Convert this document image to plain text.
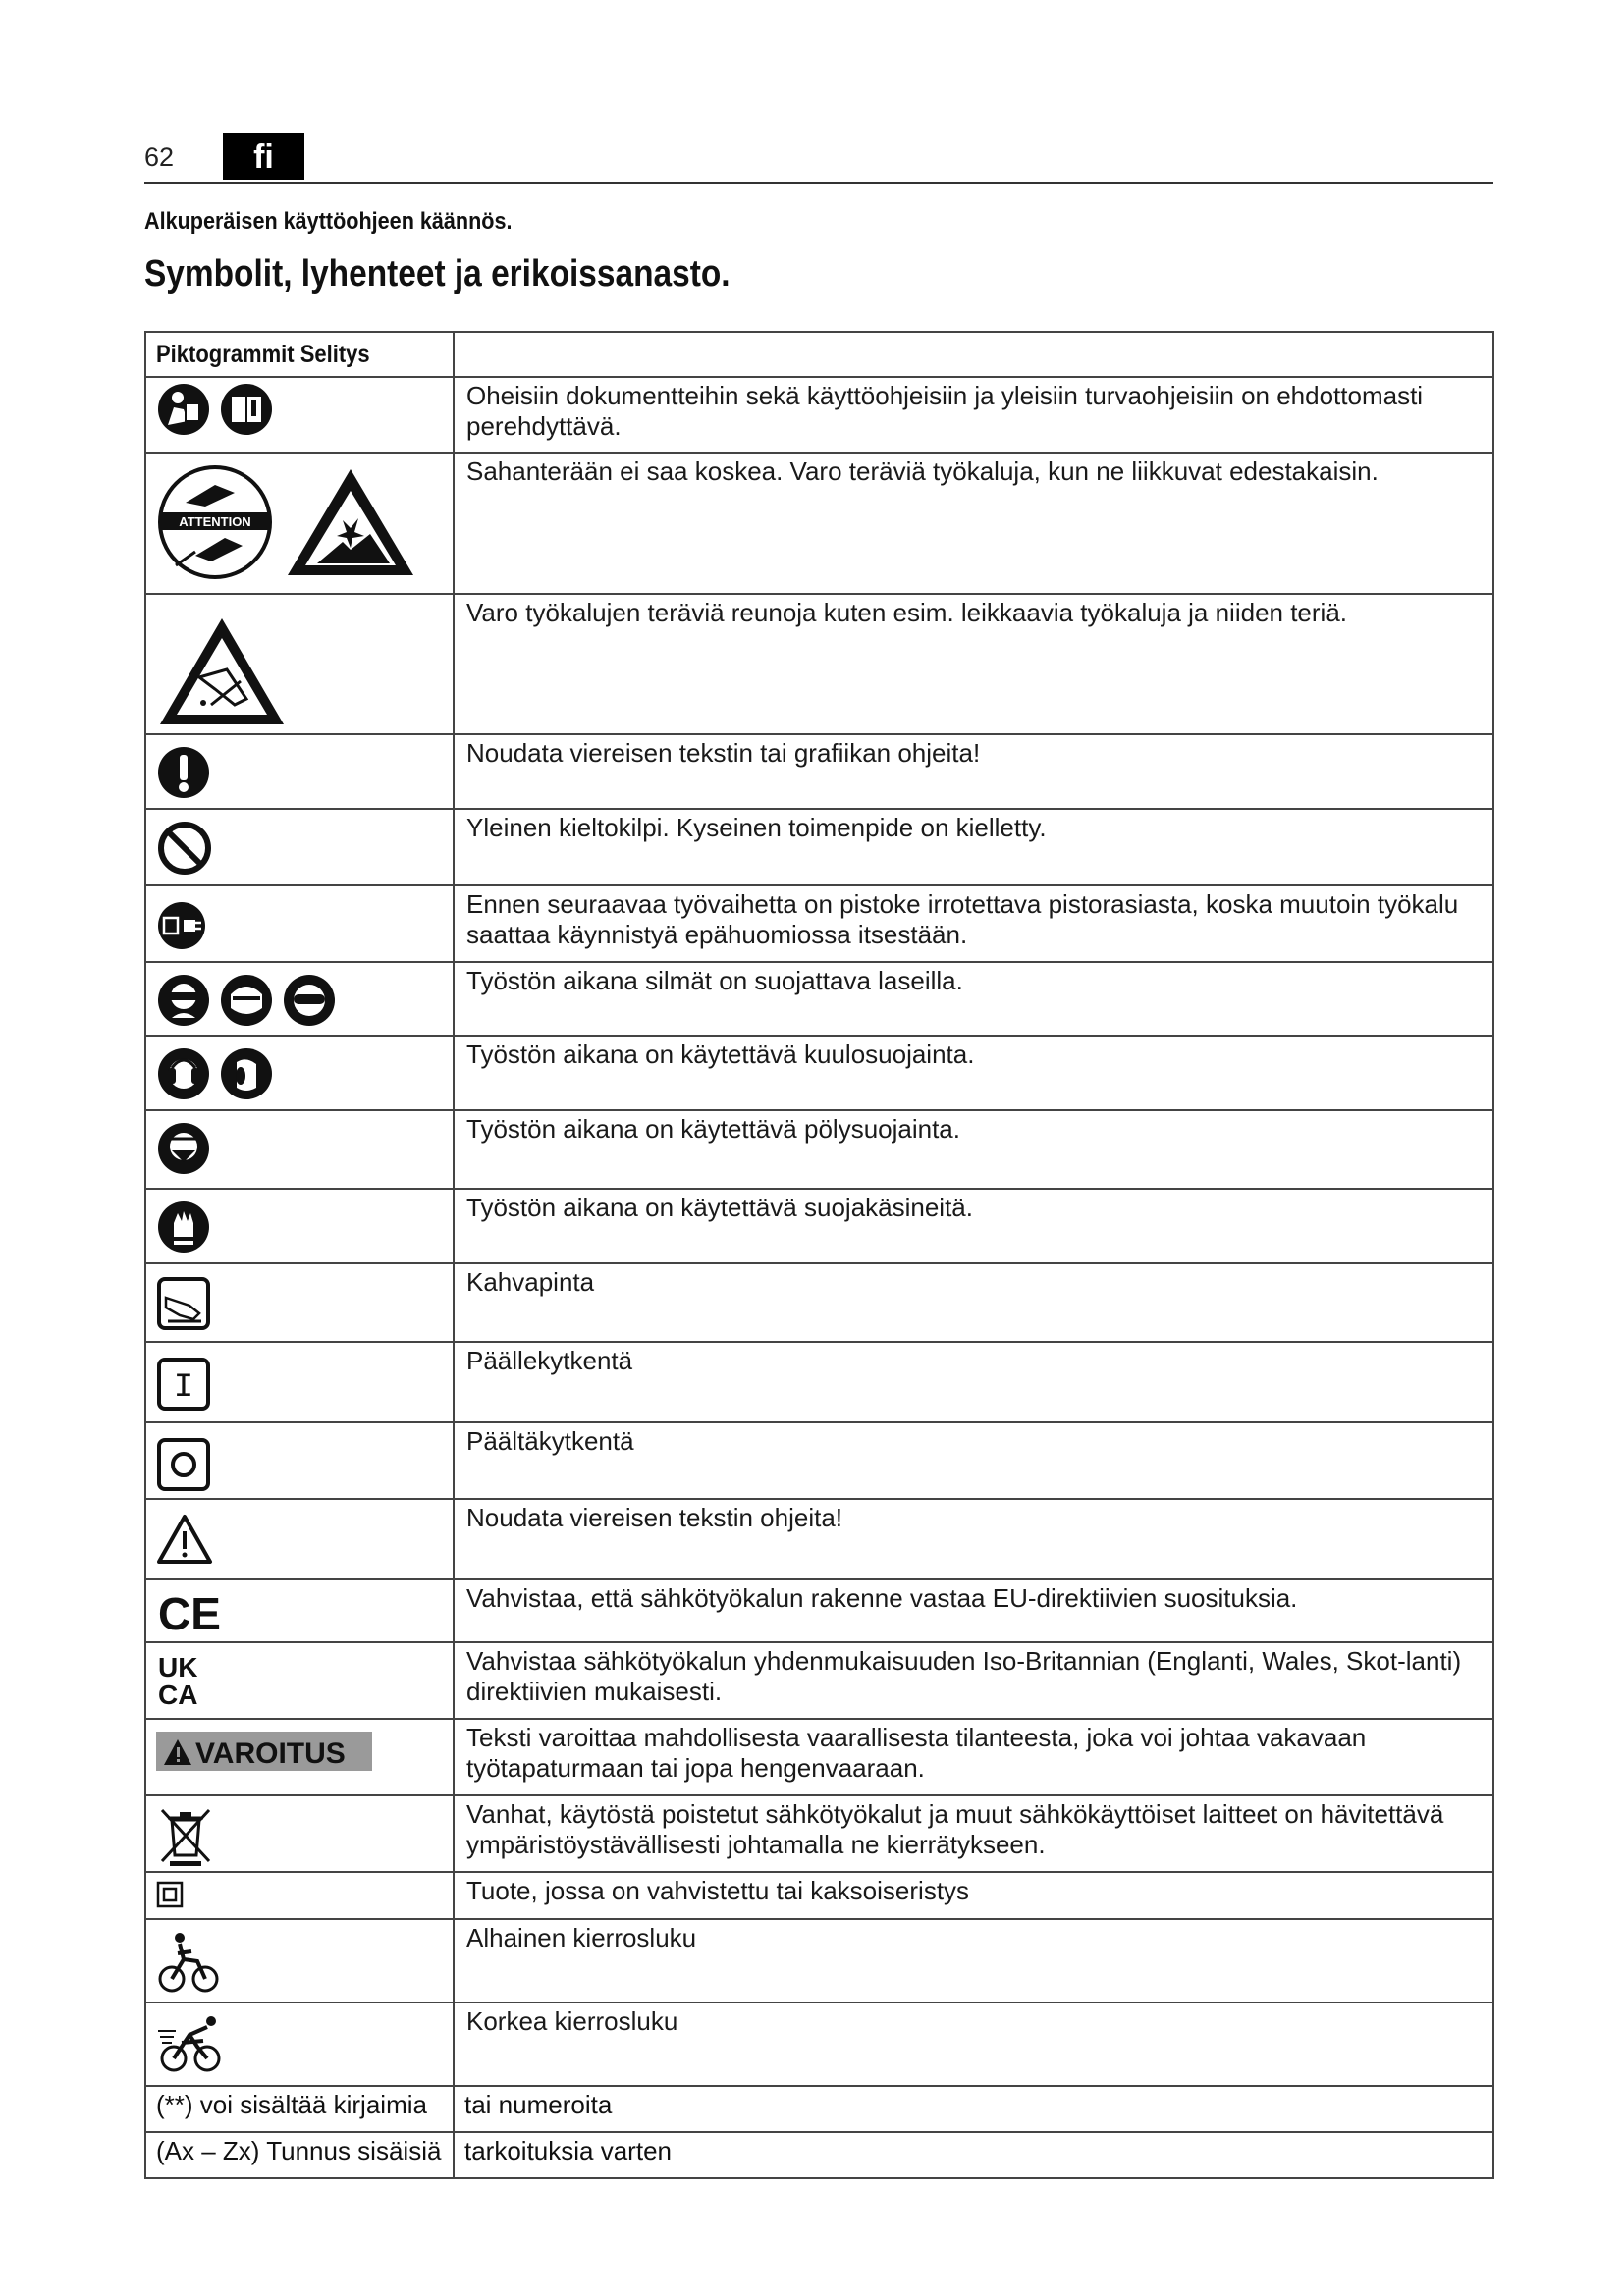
62	fi
Alkuperäisen käyttöohjeen käännös.
Symbolit, lyhenteet ja erikoissanasto.
Piktogrammit Selitys	

	Oheisiin dokumentteihin sekä käyttöohjeisiin ja yleisiin turvaohjeisiin on ehdottomasti perehdyttävä.

ATTENTION	Sahanterään ei saa koskea. Varo teräviä työkaluja, kun ne liikkuvat edestakaisin.

	Varo työkalujen teräviä reunoja kuten esim. leikkaavia työkaluja ja niiden teriä.

	Noudata viereisen tekstin tai grafiikan ohjeita!

	Yleinen kieltokilpi. Kyseinen toimenpide on kielletty.

	Ennen seuraavaa työvaihetta on pistoke irrotettava pistorasiasta, koska muutoin työkalu saattaa käynnistyä epähuomiossa itsestään.

	Työstön aikana silmät on suojattava laseilla.

	Työstön aikana on käytettävä kuulosuojainta.

	Työstön aikana on käytettävä pölysuojainta.

	Työstön aikana on käytettävä suojakäsineitä.

	Kahvapinta

I	Päällekytkentä

	Päältäkytkentä

	Noudata viereisen tekstin ohjeita!

CE	Vahvistaa, että sähkötyökalun rakenne vastaa EU-direktiivien suosituksia.

UK
CA	Vahvistaa sähkötyökalun yhdenmukaisuuden Iso-Britannian (Englanti, Wales, Skot-lanti) direktiivien mukaisesti.

VAROITUS	Teksti varoittaa mahdollisesta vaarallisesta tilanteesta, joka voi johtaa vakavaan työtapaturmaan tai jopa hengenvaaraan.

	Vanhat, käytöstä poistetut sähkötyökalut ja muut sähkökäyttöiset laitteet on hävitettävä ympäristöystävällisesti johtamalla ne kierrätykseen.

	Tuote, jossa on vahvistettu tai kaksoiseristys

	Alhainen kierrosluku

	Korkea kierrosluku
(**) voi sisältää kirjaimia	tai numeroita
(Ax – Zx) Tunnus sisäisiä	tarkoituksia varten
